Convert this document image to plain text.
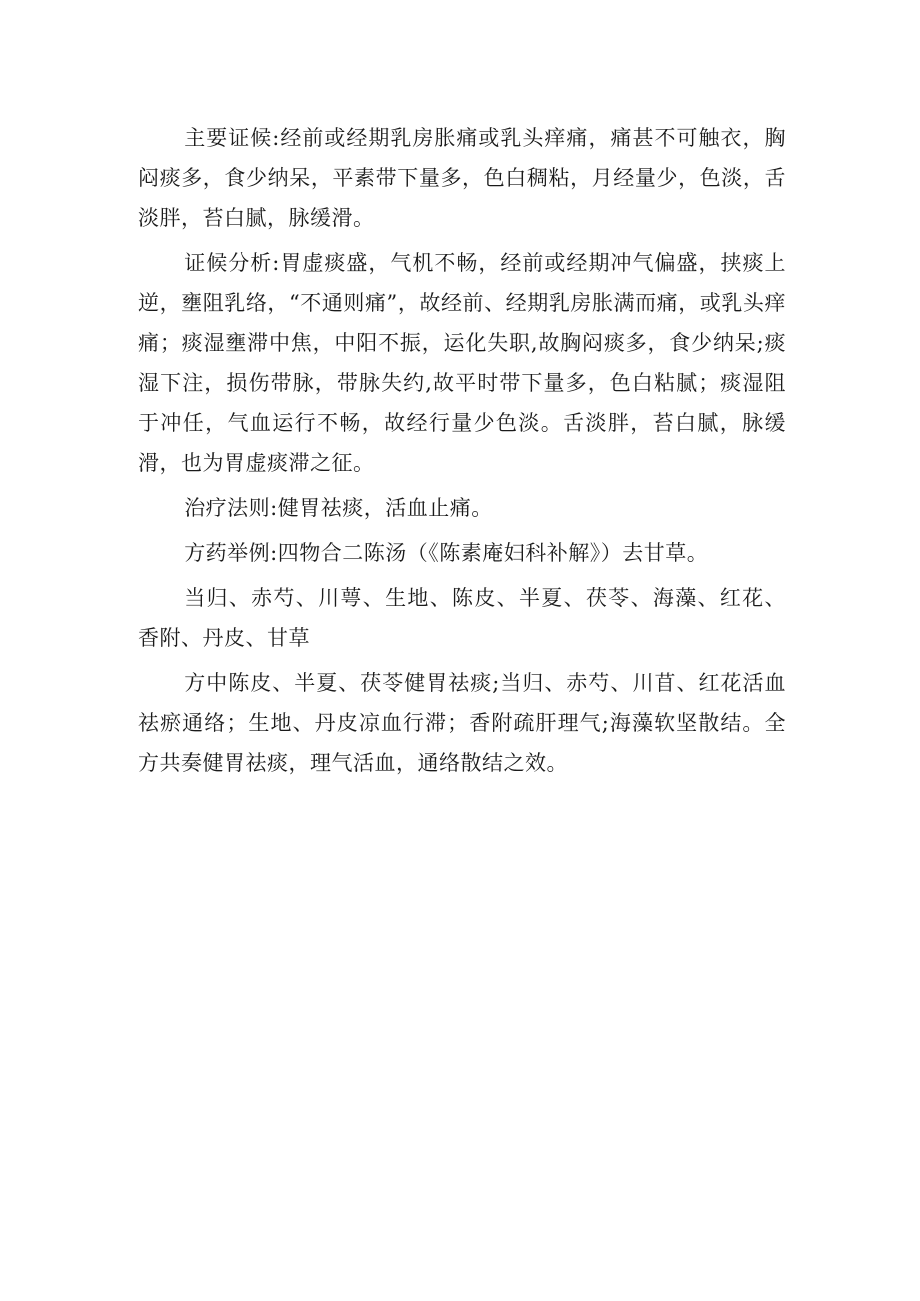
主要证候:经前或经期乳房胀痛或乳头痒痛，痛甚不可触衣，胸闷痰多，食少纳呆，平素带下量多，色白稠粘，月经量少，色淡，舌淡胖，苔白腻，脉缓滑。

证候分析:胃虚痰盛，气机不畅，经前或经期冲气偏盛，挟痰上逆，壅阻乳络，“不通则痛”，故经前、经期乳房胀满而痛，或乳头痒痛；痰湿壅滞中焦，中阳不振，运化失职,故胸闷痰多，食少纳呆;痰湿下注，损伤带脉，带脉失约,故平时带下量多，色白粘腻；痰湿阻于冲任，气血运行不畅，故经行量少色淡。舌淡胖，苔白腻，脉缓滑，也为胃虚痰滞之征。

治疗法则:健胃祛痰，活血止痛。

方药举例:四物合二陈汤（《陈素庵妇科补解》）去甘草。

当归、赤芍、川萼、生地、陈皮、半夏、茯苓、海藻、红花、香附、丹皮、甘草

方中陈皮、半夏、茯苓健胃祛痰;当归、赤芍、川苜、红花活血祛瘀通络；生地、丹皮凉血行滞；香附疏肝理气;海藻软坚散结。全方共奏健胃祛痰，理气活血，通络散结之效。
